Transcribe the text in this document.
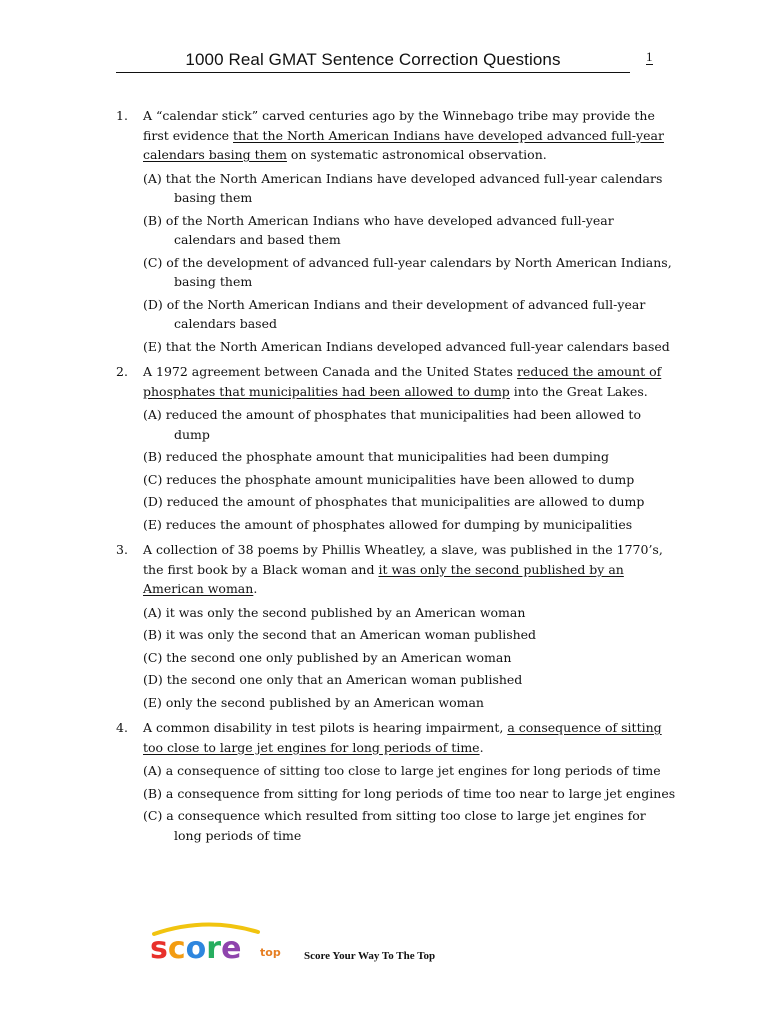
1000 Real GMAT Sentence Correction Questions	1
1. A “calendar stick” carved centuries ago by the Winnebago tribe may provide the first evidence that the North American Indians have developed advanced full-year calendars basing them on systematic astronomical observation.
(A) that the North American Indians have developed advanced full-year calendars basing them
(B) of the North American Indians who have developed advanced full-year calendars and based them
(C) of the development of advanced full-year calendars by North American Indians, basing them
(D) of the North American Indians and their development of advanced full-year calendars based
(E) that the North American Indians developed advanced full-year calendars based
2. A 1972 agreement between Canada and the United States reduced the amount of phosphates that municipalities had been allowed to dump into the Great Lakes.
(A) reduced the amount of phosphates that municipalities had been allowed to dump
(B) reduced the phosphate amount that municipalities had been dumping
(C) reduces the phosphate amount municipalities have been allowed to dump
(D) reduced the amount of phosphates that municipalities are allowed to dump
(E) reduces the amount of phosphates allowed for dumping by municipalities
3. A collection of 38 poems by Phillis Wheatley, a slave, was published in the 1770’s, the first book by a Black woman and it was only the second published by an American woman.
(A) it was only the second published by an American woman
(B) it was only the second that an American woman published
(C) the second one only published by an American woman
(D) the second one only that an American woman published
(E) only the second published by an American woman
4. A common disability in test pilots is hearing impairment, a consequence of sitting too close to large jet engines for long periods of time.
(A) a consequence of sitting too close to large jet engines for long periods of time
(B) a consequence from sitting for long periods of time too near to large jet engines
(C) a consequence which resulted from sitting too close to large jet engines for long periods of time
score top Score Your Way To The Top
